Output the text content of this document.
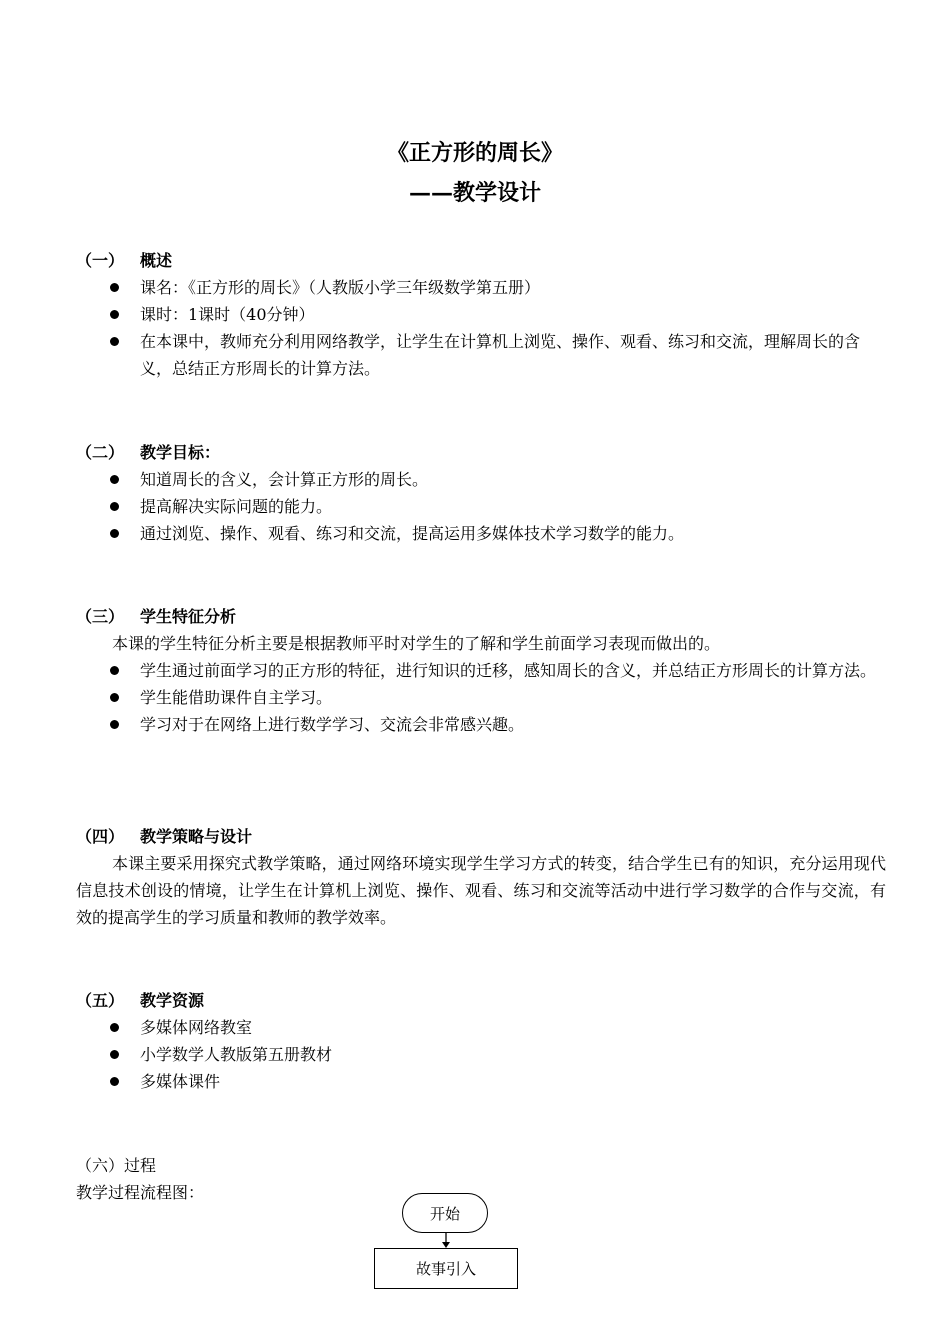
《正方形的周长》
——教学设计
（一） 概述
课名：《正方形的周长》（人教版小学三年级数学第五册）
课时：1课时（40分钟）
在本课中，教师充分利用网络教学，让学生在计算机上浏览、操作、观看、练习和交流，理解周长的含义，总结正方形周长的计算方法。
（二） 教学目标：
知道周长的含义，会计算正方形的周长。
提高解决实际问题的能力。
通过浏览、操作、观看、练习和交流，提高运用多媒体技术学习数学的能力。
（三） 学生特征分析
本课的学生特征分析主要是根据教师平时对学生的了解和学生前面学习表现而做出的。
学生通过前面学习的正方形的特征，进行知识的迁移，感知周长的含义，并总结正方形周长的计算方法。
学生能借助课件自主学习。
学习对于在网络上进行数学学习、交流会非常感兴趣。
（四） 教学策略与设计
本课主要采用探究式教学策略，通过网络环境实现学生学习方式的转变，结合学生已有的知识，充分运用现代信息技术创设的情境，让学生在计算机上浏览、操作、观看、练习和交流等活动中进行学习数学的合作与交流，有效的提高学生的学习质量和教师的教学效率。
（五） 教学资源
多媒体网络教室
小学数学人教版第五册教材
多媒体课件
（六）过程
教学过程流程图：
开始
故事引入
